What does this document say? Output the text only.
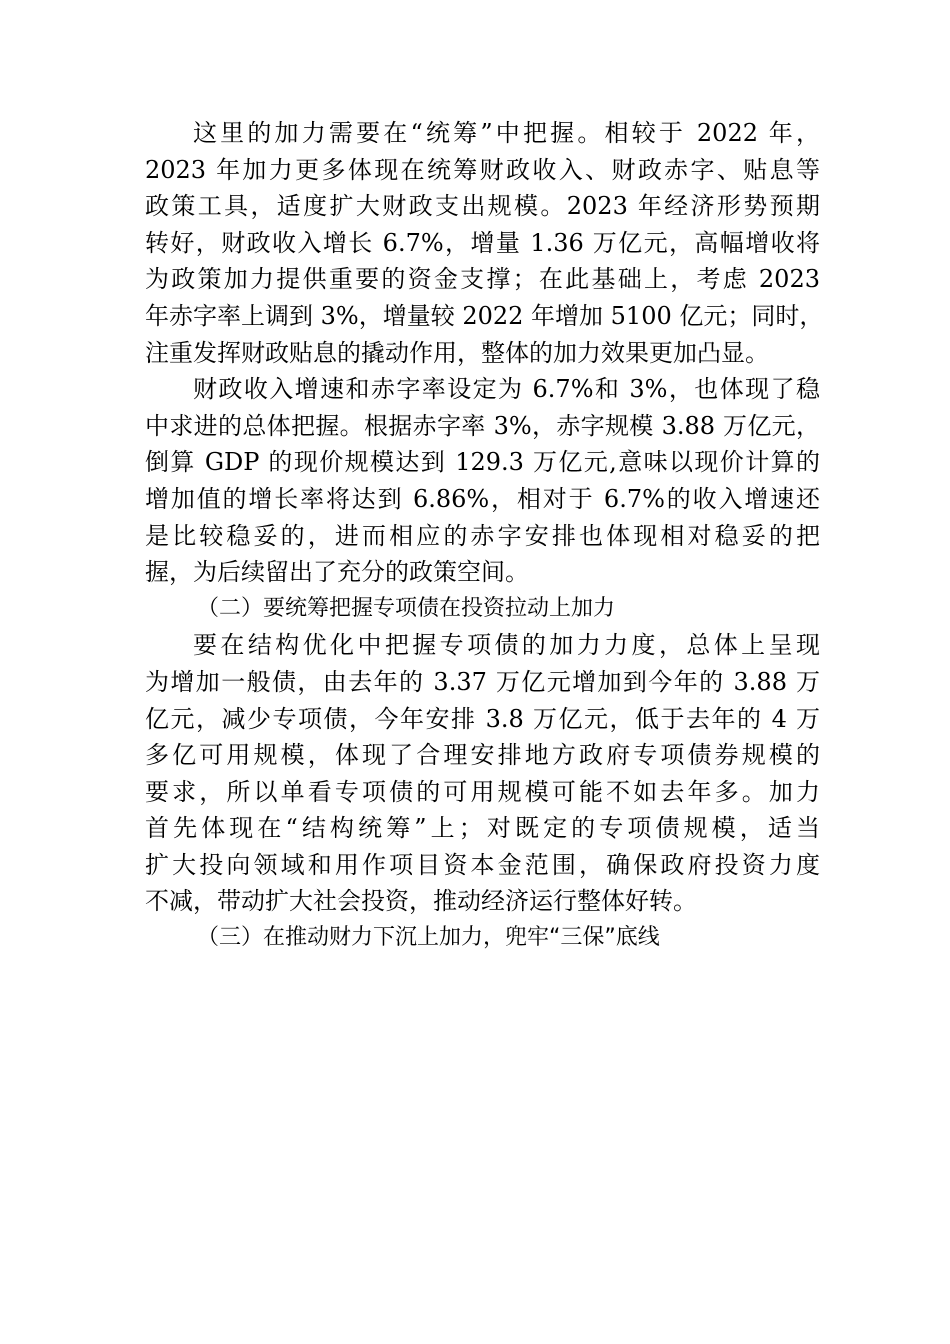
这里的加力需要在“统筹”中把握。相较于 2022 年，
2023 年加力更多体现在统筹财政收入、财政赤字、贴息等
政策工具，适度扩大财政支出规模。2023 年经济形势预期
转好，财政收入增长 6.7%，增量 1.36 万亿元，高幅增收将
为政策加力提供重要的资金支撑；在此基础上，考虑 2023
年赤字率上调到 3%，增量较 2022 年增加 5100 亿元；同时，
注重发挥财政贴息的撬动作用，整体的加力效果更加凸显。
财政收入增速和赤字率设定为 6.7%和 3%，也体现了稳
中求进的总体把握。根据赤字率 3%，赤字规模 3.88 万亿元，
倒算 GDP 的现价规模达到 129.3 万亿元,意味以现价计算的
增加值的增长率将达到 6.86%，相对于 6.7%的收入增速还
是比较稳妥的，进而相应的赤字安排也体现相对稳妥的把
握，为后续留出了充分的政策空间。
（二）要统筹把握专项债在投资拉动上加力
要在结构优化中把握专项债的加力力度，总体上呈现
为增加一般债，由去年的 3.37 万亿元增加到今年的 3.88 万
亿元，减少专项债，今年安排 3.8 万亿元，低于去年的 4 万
多亿可用规模，体现了合理安排地方政府专项债券规模的
要求，所以单看专项债的可用规模可能不如去年多。加力
首先体现在“结构统筹”上；对既定的专项债规模，适当
扩大投向领域和用作项目资本金范围，确保政府投资力度
不减，带动扩大社会投资，推动经济运行整体好转。
（三）在推动财力下沉上加力，兜牢“三保”底线
